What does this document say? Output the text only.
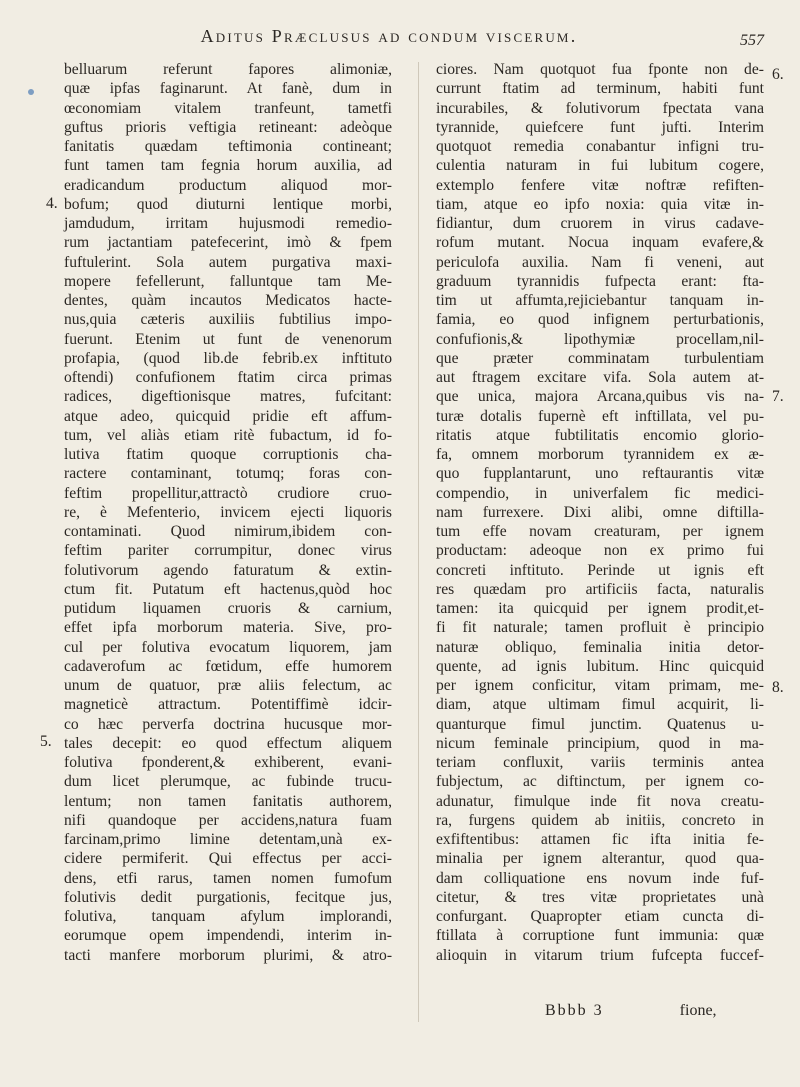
Aditus Præclusus ad condum viscerum.	557
belluarum referunt fapores alimoniæ,
quæ ipfas faginarunt. At fanè, dum in
œconomiam vitalem tranfeunt, tametfi
guftus prioris veftigia retineant: adeòque
fanitatis quædam teftimonia contineant;
funt tamen tam fegnia horum auxilia, ad
eradicandum productum aliquod mor-
bofum; quod diuturni lentique morbi,
jamdudum, irritam hujusmodi remedio-
rum jactantiam patefecerint, imò & fpem
fuftulerint. Sola autem purgativa maxi-
mopere fefellerunt, falluntque tam Me-
dentes, quàm incautos Medicatos hacte-
nus,quia cæteris auxiliis fubtilius impo-
fuerunt. Etenim ut funt de venenorum
profapia, (quod lib.de febrib.ex inftituto
oftendi) confufionem ftatim circa primas
radices, digeftionisque matres, fufcitant:
atque adeo, quicquid pridie eft affum-
tum, vel aliàs etiam ritè fubactum, id fo-
lutiva ftatim quoque corruptionis cha-
ractere contaminant, totumq; foras con-
feftim propellitur,attractò crudiore cruo-
re, è Mefenterio, invicem ejecti liquoris
contaminati. Quod nimirum,ibidem con-
feftim pariter corrumpitur, donec virus
folutivorum agendo faturatum & extin-
ctum fit. Putatum eft hactenus,quòd hoc
putidum liquamen cruoris & carnium,
effet ipfa morborum materia. Sive, pro-
cul per folutiva evocatum liquorem, jam
cadaverofum ac fœtidum, effe humorem
unum de quatuor, præ aliis felectum, ac
magneticè attractum. Potentiffimè idcir-
co hæc perverfa doctrina hucusque mor-
tales decepit: eo quod effectum aliquem
folutiva fponderent,& exhiberent, evani-
dum licet plerumque, ac fubinde trucu-
lentum; non tamen fanitatis authorem,
nifi quandoque per accidens,natura fuam
farcinam,primo limine detentam,unà ex-
cidere permiferit. Qui effectus per acci-
dens, etfi rarus, tamen nomen fumofum
folutivis dedit purgationis, fecitque jus,
folutiva, tanquam afylum implorandi,
eorumque opem impendendi, interim in-
tacti manfere morborum plurimi, & atro-
ciores. Nam quotquot fua fponte non de-
currunt ftatim ad terminum, habiti funt
incurabiles, & folutivorum fpectata vana
tyrannide, quiefcere funt jufti. Interim
quotquot remedia conabantur infigni tru-
culentia naturam in fui lubitum cogere,
extemplo fenfere vitæ noftræ refiften-
tiam, atque eo ipfo noxia: quia vitæ in-
fidiantur, dum cruorem in virus cadave-
rofum mutant. Nocua inquam evafere,&
periculofa auxilia. Nam fi veneni, aut
graduum tyrannidis fufpecta erant: fta-
tim ut affumta,rejiciebantur tanquam in-
famia, eo quod infignem perturbationis,
confufionis,& lipothymiæ procellam,nil-
que præter comminatam turbulentiam
aut ftragem excitare vifa. Sola autem at-
que unica, majora Arcana,quibus vis na-
turæ dotalis fupernè eft inftillata, vel pu-
ritatis atque fubtilitatis encomio glorio-
fa, omnem morborum tyrannidem ex æ-
quo fupplantarunt, uno reftaurantis vitæ
compendio, in univerfalem fic medici-
nam furrexere. Dixi alibi, omne diftilla-
tum effe novam creaturam, per ignem
productam: adeoque non ex primo fui
concreti inftituto. Perinde ut ignis eft
res quædam pro artificiis facta, naturalis
tamen: ita quicquid per ignem prodit,et-
fi fit naturale; tamen profluit è principio
naturæ obliquo, feminalia initia detor-
quente, ad ignis lubitum. Hinc quicquid
per ignem conficitur, vitam primam, me-
diam, atque ultimam fimul acquirit, li-
quanturque fimul junctim. Quatenus u-
nicum feminale principium, quod in ma-
teriam confluxit, variis terminis antea
fubjectum, ac diftinctum, per ignem co-
adunatur, fimulque inde fit nova creatu-
ra, furgens quidem ab initiis, concreto in
exfiftentibus: attamen fic ifta initia fe-
minalia per ignem alterantur, quod qua-
dam colliquatione ens novum inde fuf-
citetur, & tres vitæ proprietates unà
confurgant. Quapropter etiam cuncta di-
ftillata à corruptione funt immunia: quæ
alioquin in vitarum trium fufcepta fuccef-
4.
5.
6.
7.
8.
Bbbb 3	fione,
